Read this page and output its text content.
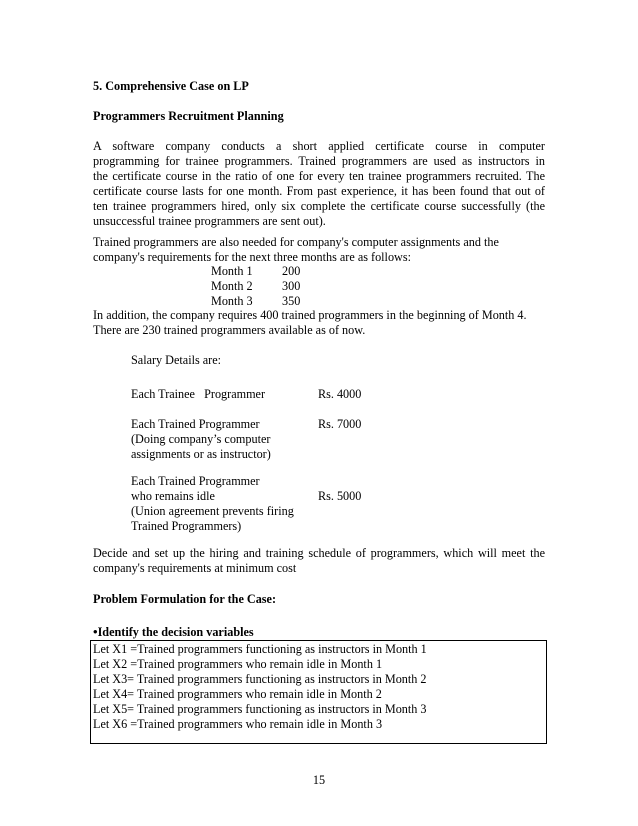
5. Comprehensive Case on LP
Programmers Recruitment Planning
A software company conducts a short applied certificate course in computer
programming for trainee programmers. Trained programmers are used as instructors in
the certificate course in the ratio of one for every ten trainee programmers recruited. The
certificate course lasts for one month. From past experience, it has been found that out of
ten trainee programmers hired, only six complete the certificate course successfully (the
unsuccessful trainee programmers are sent out).
Trained programmers are also needed for company's computer assignments and the
company's requirements for the next three months are as follows:
Month 1 200
Month 2 300
Month 3 350
In addition, the company requires 400 trained programmers in the beginning of Month 4.
There are 230 trained programmers available as of now.
Salary Details are:
Each Trainee   Programmer	Rs. 4000
Each Trained Programmer
(Doing company’s computer
assignments or as instructor)
Rs. 7000
Each Trained Programmer
who remains idle
(Union agreement prevents firing
Trained Programmers)
Rs. 5000
Decide and set up the hiring and training schedule of programmers, which will meet the
company's requirements at minimum cost
Problem Formulation for the Case:
•Identify the decision variables
Let X1 =Trained programmers functioning as instructors in Month 1
Let X2 =Trained programmers who remain idle in Month 1
Let X3= Trained programmers functioning as instructors in Month 2
Let X4= Trained programmers who remain idle in Month 2
Let X5= Trained programmers functioning as instructors in Month 3
Let X6 =Trained programmers who remain idle in Month 3
15
